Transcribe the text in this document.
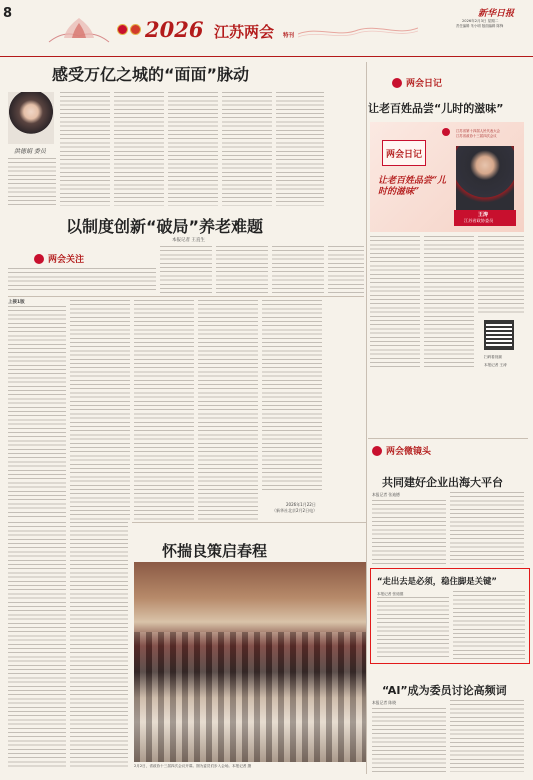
8
2026 江苏两会 特刊
新华日报
2026年2月3日 星期二
责任编辑 朱小明 版面编辑 陈锋
感受万亿之城的“面面”脉动
洪徳娟 委员
以制度创新“破局”养老难题
本报记者 王直生
两会关注
上接1版
2026年1月22日
（新华社北京2月2日电）
怀揣良策启春程
2月2日，省政协十三届四次会议开幕。图为委员们步入会场。本报记者 摄
两会日记
让老百姓品尝“儿时的滋味”
江苏省第十四届人民代表大会
江苏省政协十三届四次会议
两会日记
让老百姓品尝“儿时的滋味”
王涛
江苏省政协委员
扫码看视频
本报记者 王涛
两会微镜头
共同建好企业出海大平台
本报记者 张迪德
“走出去是必须，稳住脚是关键”
本报记者 张迪德
“AI”成为委员讨论高频词
本报记者 陈晓
